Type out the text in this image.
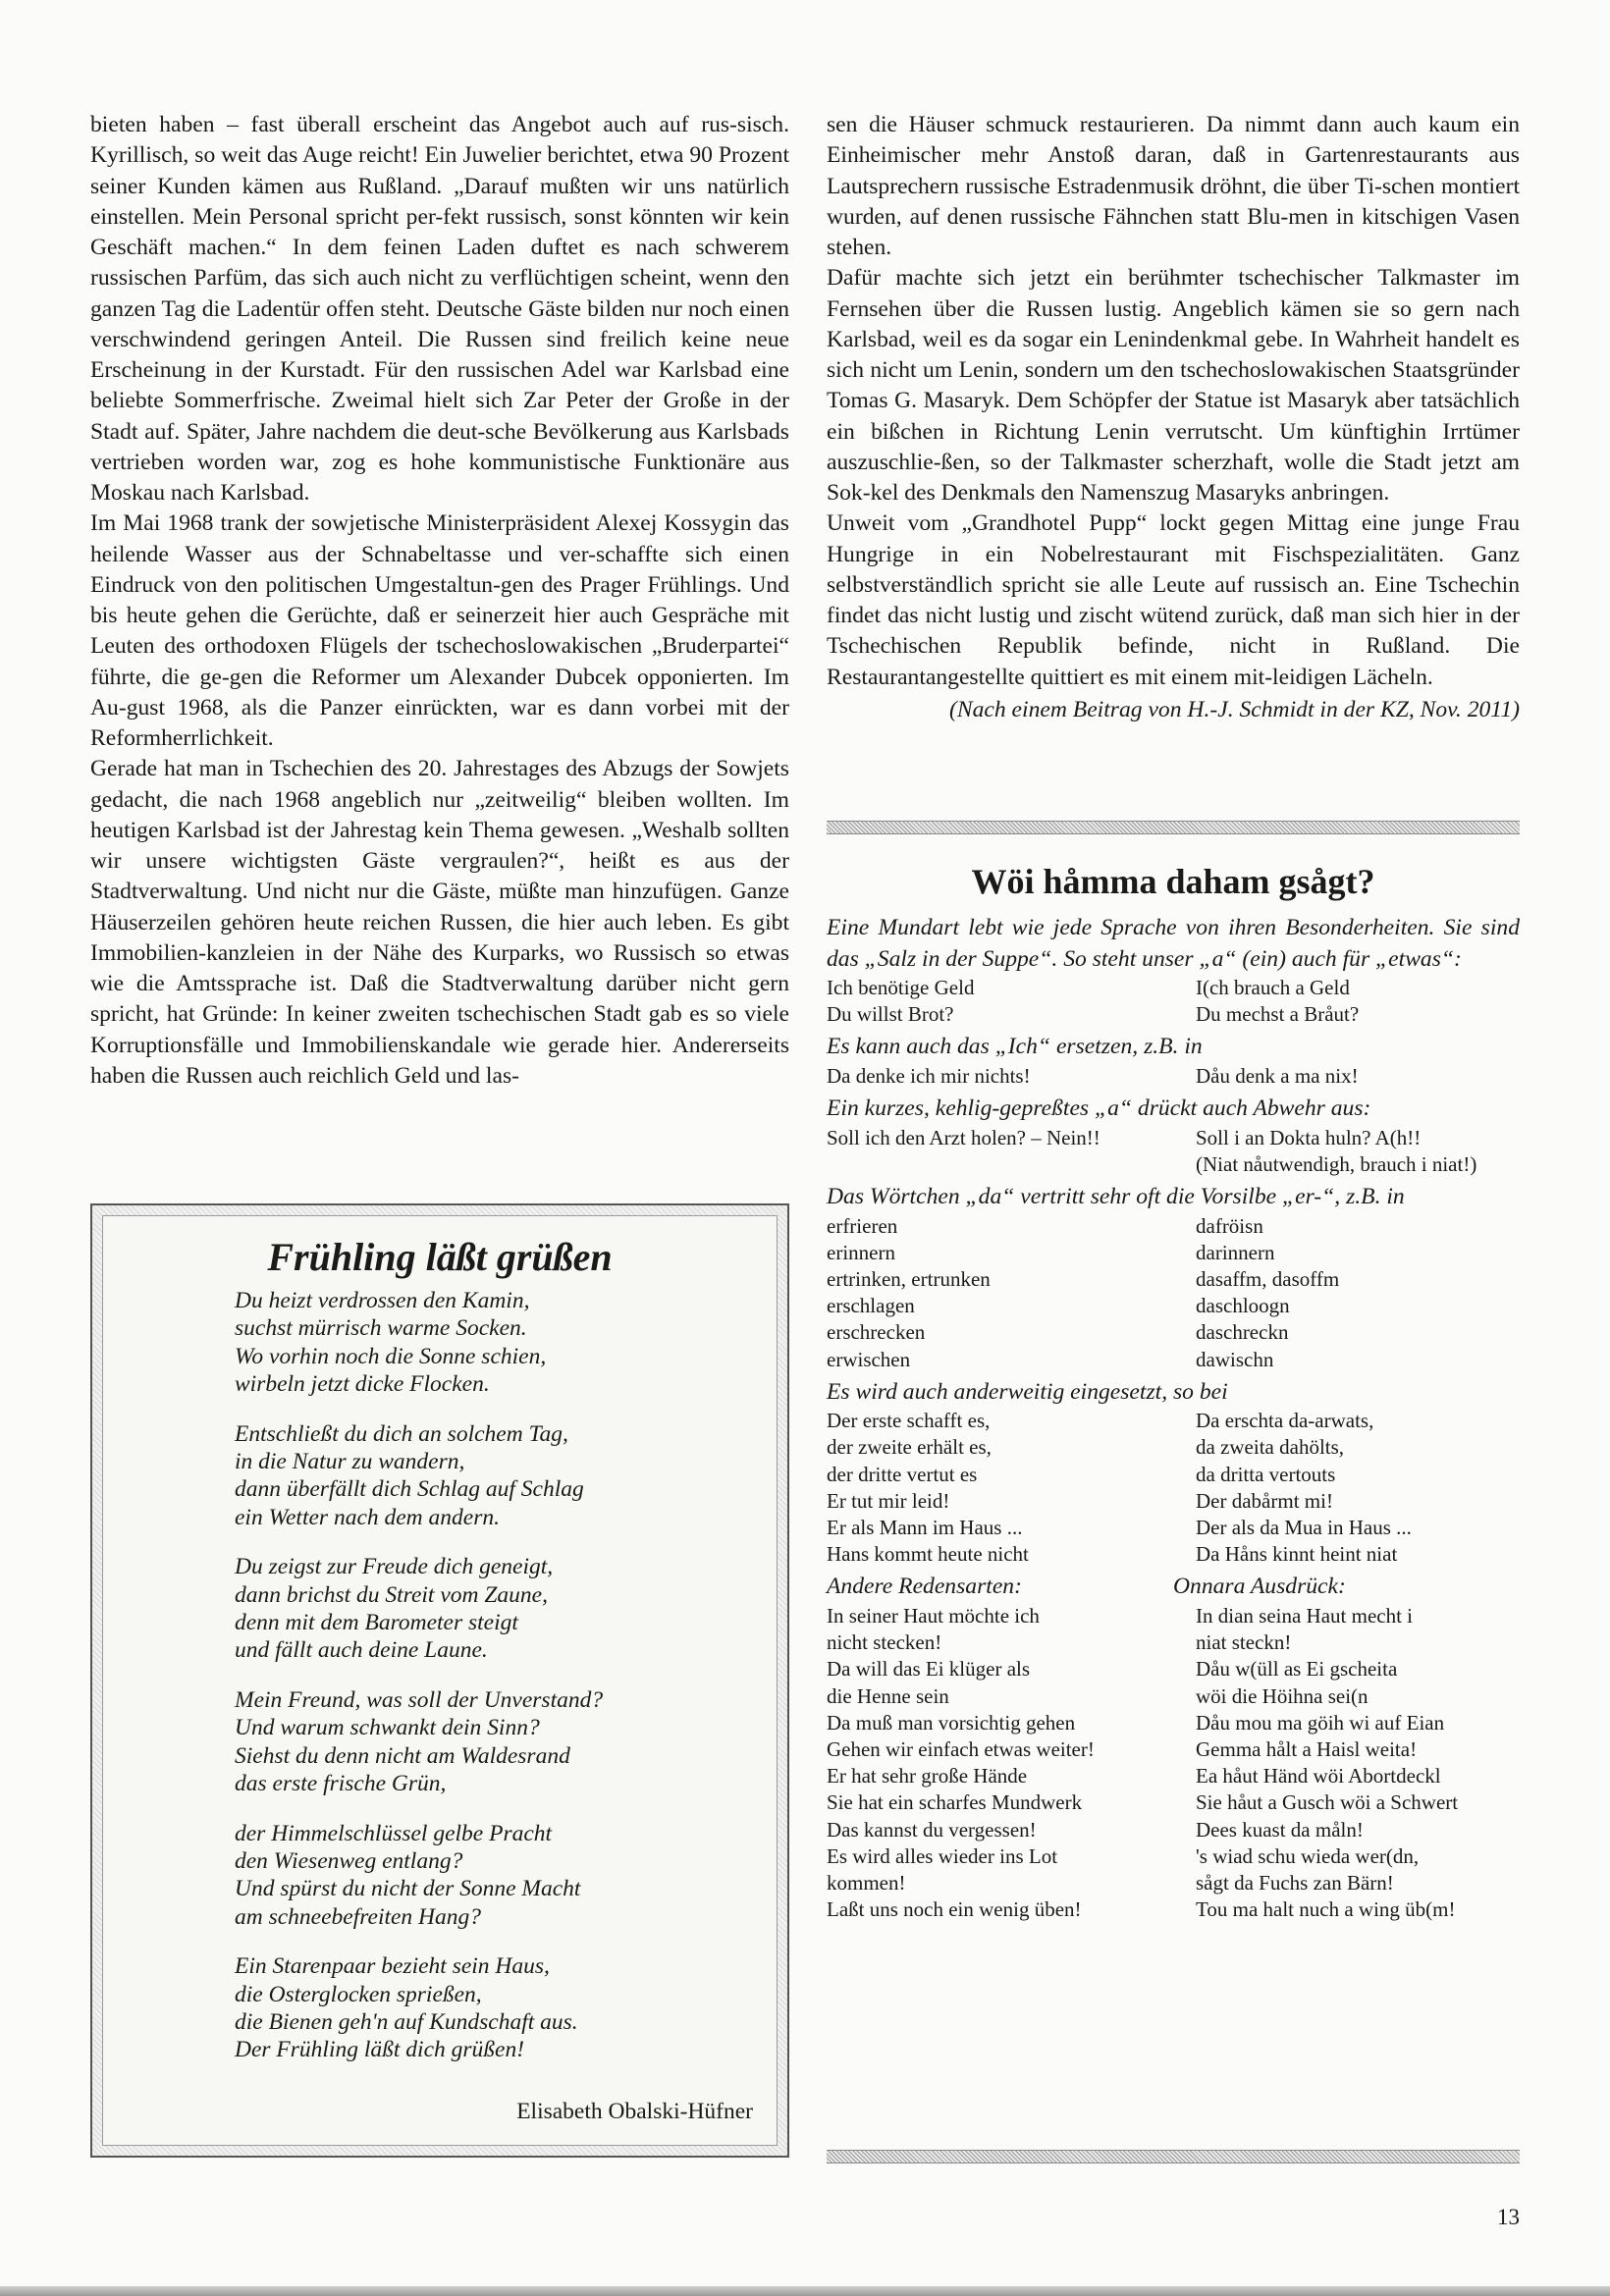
bieten haben – fast überall erscheint das Angebot auch auf rus-sisch. Kyrillisch, so weit das Auge reicht! Ein Juwelier berichtet, etwa 90 Prozent seiner Kunden kämen aus Rußland. „Darauf mußten wir uns natürlich einstellen. Mein Personal spricht per-fekt russisch, sonst könnten wir kein Geschäft machen.“ In dem feinen Laden duftet es nach schwerem russischen Parfüm, das sich auch nicht zu verflüchtigen scheint, wenn den ganzen Tag die Ladentür offen steht. Deutsche Gäste bilden nur noch einen verschwindend geringen Anteil. Die Russen sind freilich keine neue Erscheinung in der Kurstadt. Für den russischen Adel war Karlsbad eine beliebte Sommerfrische. Zweimal hielt sich Zar Peter der Große in der Stadt auf. Später, Jahre nachdem die deut-sche Bevölkerung aus Karlsbads vertrieben worden war, zog es hohe kommunistische Funktionäre aus Moskau nach Karlsbad.

Im Mai 1968 trank der sowjetische Ministerpräsident Alexej Kossygin das heilende Wasser aus der Schnabeltasse und ver-schaffte sich einen Eindruck von den politischen Umgestaltun-gen des Prager Frühlings. Und bis heute gehen die Gerüchte, daß er seinerzeit hier auch Gespräche mit Leuten des orthodoxen Flügels der tschechoslowakischen „Bruderpartei“ führte, die ge-gen die Reformer um Alexander Dubcek opponierten. Im Au-gust 1968, als die Panzer einrückten, war es dann vorbei mit der Reformherrlichkeit.

Gerade hat man in Tschechien des 20. Jahrestages des Abzugs der Sowjets gedacht, die nach 1968 angeblich nur „zeitweilig“ bleiben wollten. Im heutigen Karlsbad ist der Jahrestag kein Thema gewesen. „Weshalb sollten wir unsere wichtigsten Gäste vergraulen?“, heißt es aus der Stadtverwaltung. Und nicht nur die Gäste, müßte man hinzufügen. Ganze Häuserzeilen gehören heute reichen Russen, die hier auch leben. Es gibt Immobilien-kanzleien in der Nähe des Kurparks, wo Russisch so etwas wie die Amtssprache ist. Daß die Stadtverwaltung darüber nicht gern spricht, hat Gründe: In keiner zweiten tschechischen Stadt gab es so viele Korruptionsfälle und Immobilienskandale wie gerade hier. Andererseits haben die Russen auch reichlich Geld und las-

sen die Häuser schmuck restaurieren. Da nimmt dann auch kaum ein Einheimischer mehr Anstoß daran, daß in Gartenrestaurants aus Lautsprechern russische Estradenmusik dröhnt, die über Ti-schen montiert wurden, auf denen russische Fähnchen statt Blu-men in kitschigen Vasen stehen.

Dafür machte sich jetzt ein berühmter tschechischer Talkmaster im Fernsehen über die Russen lustig. Angeblich kämen sie so gern nach Karlsbad, weil es da sogar ein Lenindenkmal gebe. In Wahrheit handelt es sich nicht um Lenin, sondern um den tschechoslowakischen Staatsgründer Tomas G. Masaryk. Dem Schöpfer der Statue ist Masaryk aber tatsächlich ein bißchen in Richtung Lenin verrutscht. Um künftighin Irrtümer auszuschlie-ßen, so der Talkmaster scherzhaft, wolle die Stadt jetzt am Sok-kel des Denkmals den Namenszug Masaryks anbringen.

Unweit vom „Grandhotel Pupp“ lockt gegen Mittag eine junge Frau Hungrige in ein Nobelrestaurant mit Fischspezialitäten. Ganz selbstverständlich spricht sie alle Leute auf russisch an. Eine Tschechin findet das nicht lustig und zischt wütend zurück, daß man sich hier in der Tschechischen Republik befinde, nicht in Rußland. Die Restaurantangestellte quittiert es mit einem mit-leidigen Lächeln.

(Nach einem Beitrag von H.-J. Schmidt in der KZ, Nov. 2011)
Frühling läßt grüßen
Du heizt verdrossen den Kamin,
suchst mürrisch warme Socken.
Wo vorhin noch die Sonne schien,
wirbeln jetzt dicke Flocken.
Entschließt du dich an solchem Tag,
in die Natur zu wandern,
dann überfällt dich Schlag auf Schlag
ein Wetter nach dem andern.
Du zeigst zur Freude dich geneigt,
dann brichst du Streit vom Zaune,
denn mit dem Barometer steigt
und fällt auch deine Laune.
Mein Freund, was soll der Unverstand?
Und warum schwankt dein Sinn?
Siehst du denn nicht am Waldesrand
das erste frische Grün,
der Himmelschlüssel gelbe Pracht
den Wiesenweg entlang?
Und spürst du nicht der Sonne Macht
am schneebefreiten Hang?
Ein Starenpaar bezieht sein Haus,
die Osterglocken sprießen,
die Bienen geh'n auf Kundschaft aus.
Der Frühling läßt dich grüßen!
Elisabeth Obalski-Hüfner
Wöi håmma daham gsågt?
Eine Mundart lebt wie jede Sprache von ihren Besonderheiten. Sie sind das „Salz in der Suppe“. So steht unser „a“ (ein) auch für „etwas“:
Ich benötige Geld	I(ch brauch a Geld
Du willst Brot?	Du mechst a Bråut?
Es kann auch das „Ich“ ersetzen, z.B. in
Da denke ich mir nichts!	Dåu denk a ma nix!
Ein kurzes, kehlig-gepreßtes „a“ drückt auch Abwehr aus:
Soll ich den Arzt holen? – Nein!!	Soll i an Dokta huln? A(h!!
(Niat nåutwendigh, brauch i niat!)
Das Wörtchen „da“ vertritt sehr oft die Vorsilbe „er-“, z.B. in
erfrieren	dafröisn
erinnern	darinnern
ertrinken, ertrunken	dasaffm, dasoffm
erschlagen	daschloogn
erschrecken	daschreckn
erwischen	dawischn
Es wird auch anderweitig eingesetzt, so bei
Der erste schafft es,	Da erschta da-arwats,
der zweite erhält es,	da zweita dahölts,
der dritte vertut es	da dritta vertouts
Er tut mir leid!	Der dabårmt mi!
Er als Mann im Haus ...	Der als da Mua in Haus ...
Hans kommt heute nicht	Da Håns kinnt heint niat
Andere Redensarten:	Onnara Ausdrück:
In seiner Haut möchte ich	In dian seina Haut mecht i
nicht stecken!	niat steckn!
Da will das Ei klüger als	Dåu w(üll as Ei gscheita
die Henne sein	wöi die Höihna sei(n
Da muß man vorsichtig gehen	Dåu mou ma göih wi auf Eian
Gehen wir einfach etwas weiter!	Gemma hålt a Haisl weita!
Er hat sehr große Hände	Ea håut Händ wöi Abortdeckl
Sie hat ein scharfes Mundwerk	Sie håut a Gusch wöi a Schwert
Das kannst du vergessen!	Dees kuast da måln!
Es wird alles wieder ins Lot	's wiad schu wieda wer(dn,
kommen!	sågt da Fuchs zan Bärn!
Laßt uns noch ein wenig üben!	Tou ma halt nuch a wing üb(m!
13
